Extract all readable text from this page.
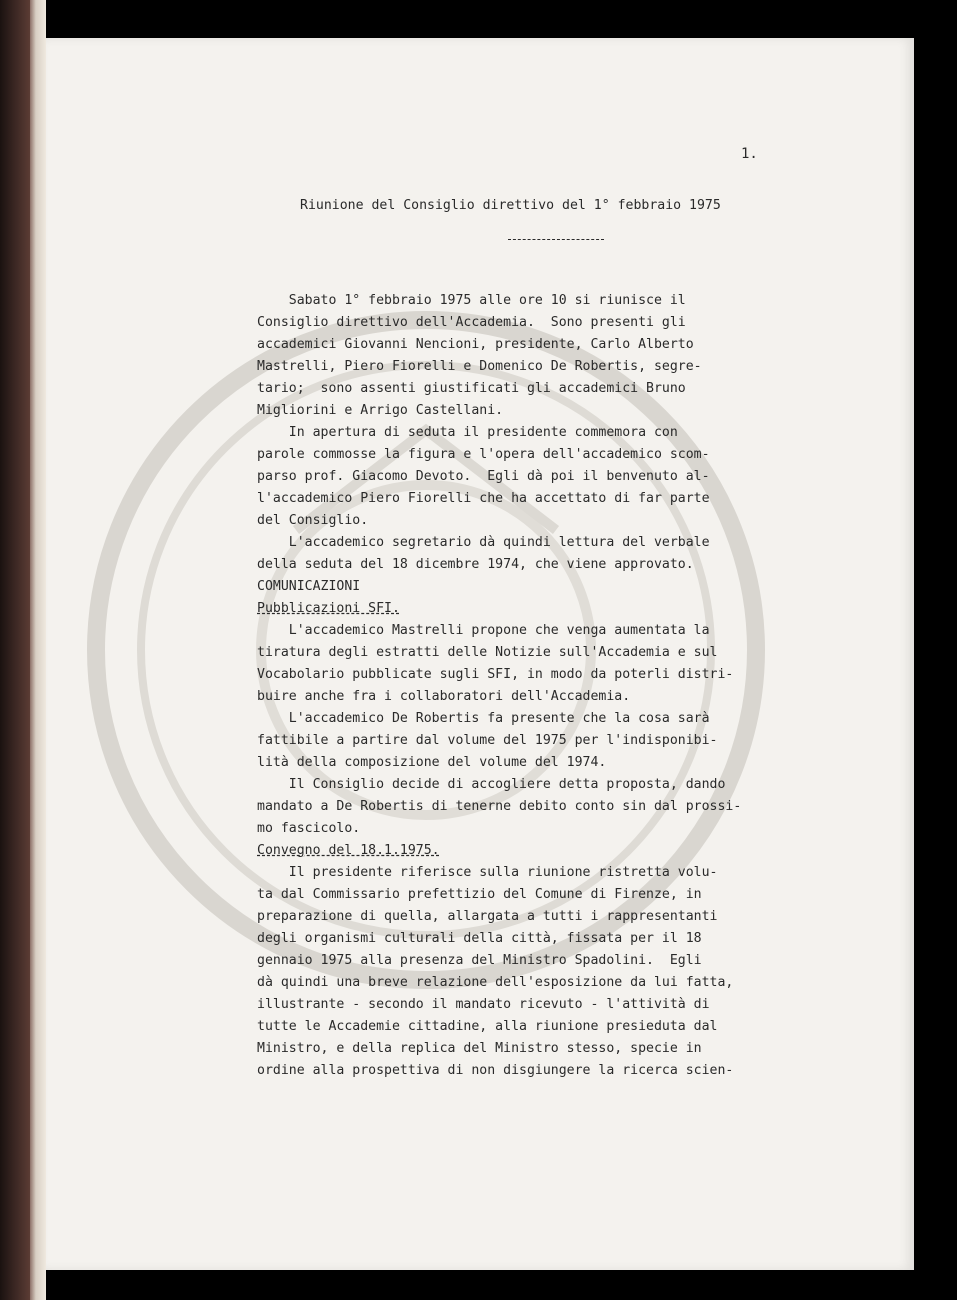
1.
Riunione del Consiglio direttivo del 1° febbraio 1975
Sabato 1° febbraio 1975 alle ore 10 si riunisce il
Consiglio direttivo dell'Accademia.  Sono presenti gli
accademici Giovanni Nencioni, presidente, Carlo Alberto
Mastrelli, Piero Fiorelli e Domenico De Robertis, segre-
tario;  sono assenti giustificati gli accademici Bruno
Migliorini e Arrigo Castellani.
In apertura di seduta il presidente commemora con
parole commosse la figura e l'opera dell'accademico scom-
parso prof. Giacomo Devoto.  Egli dà poi il benvenuto al-
l'accademico Piero Fiorelli che ha accettato di far parte
del Consiglio.
L'accademico segretario dà quindi lettura del verbale
della seduta del 18 dicembre 1974, che viene approvato.
COMUNICAZIONI
Pubblicazioni SFI.
L'accademico Mastrelli propone che venga aumentata la
tiratura degli estratti delle Notizie sull'Accademia e sul
Vocabolario pubblicate sugli SFI, in modo da poterli distri-
buire anche fra i collaboratori dell'Accademia.
L'accademico De Robertis fa presente che la cosa sarà
fattibile a partire dal volume del 1975 per l'indisponibi-
lità della composizione del volume del 1974.
Il Consiglio decide di accogliere detta proposta, dando
mandato a De Robertis di tenerne debito conto sin dal prossi-
mo fascicolo.
Convegno del 18.1.1975.
Il presidente riferisce sulla riunione ristretta volu-
ta dal Commissario prefettizio del Comune di Firenze, in
preparazione di quella, allargata a tutti i rappresentanti
degli organismi culturali della città, fissata per il 18
gennaio 1975 alla presenza del Ministro Spadolini.  Egli
dà quindi una breve relazione dell'esposizione da lui fatta,
illustrante - secondo il mandato ricevuto - l'attività di
tutte le Accademie cittadine, alla riunione presieduta dal
Ministro, e della replica del Ministro stesso, specie in
ordine alla prospettiva di non disgiungere la ricerca scien-
